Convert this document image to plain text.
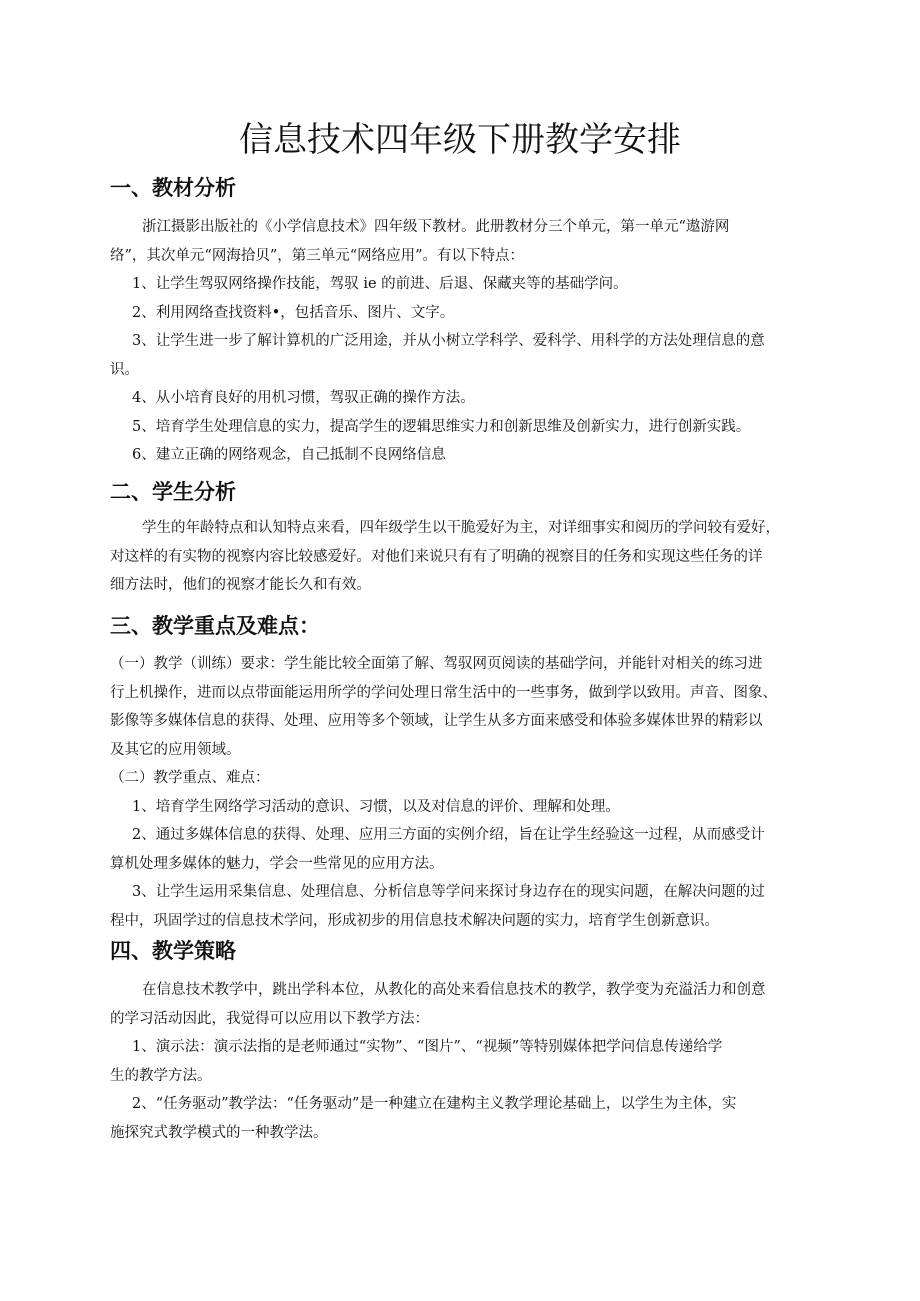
信息技术四年级下册教学安排
一、教材分析
浙江摄影出版社的《小学信息技术》四年级下教材。此册教材分三个单元，第一单元“遨游网
络”，其次单元“网海拾贝”，第三单元“网络应用”。有以下特点：
1、让学生驾驭网络操作技能，驾驭 ie 的前进、后退、保藏夹等的基础学问。
2、利用网络查找资料•，包括音乐、图片、文字。
3、让学生进一步了解计算机的广泛用途，并从小树立学科学、爱科学、用科学的方法处理信息的意
识。
4、从小培育良好的用机习惯，驾驭正确的操作方法。
5、培育学生处理信息的实力，提高学生的逻辑思维实力和创新思维及创新实力，进行创新实践。
6、建立正确的网络观念，自己抵制不良网络信息
二、学生分析
学生的年龄特点和认知特点来看，四年级学生以干脆爱好为主，对详细事实和阅历的学问较有爱好，
对这样的有实物的视察内容比较感爱好。对他们来说只有有了明确的视察目的任务和实现这些任务的详
细方法时，他们的视察才能长久和有效。
三、教学重点及难点：
（一）教学（训练）要求：学生能比较全面第了解、驾驭网页阅读的基础学问，并能针对相关的练习进
行上机操作，进而以点带面能运用所学的学问处理日常生活中的一些事务，做到学以致用。声音、图象、
影像等多媒体信息的获得、处理、应用等多个领域，让学生从多方面来感受和体验多媒体世界的精彩以
及其它的应用领域。
（二）教学重点、难点：
1、培育学生网络学习活动的意识、习惯，以及对信息的评价、理解和处理。
2、通过多媒体信息的获得、处理、应用三方面的实例介绍，旨在让学生经验这一过程，从而感受计
算机处理多媒体的魅力，学会一些常见的应用方法。
3、让学生运用采集信息、处理信息、分析信息等学问来探讨身边存在的现实问题，在解决问题的过
程中，巩固学过的信息技术学问，形成初步的用信息技术解决问题的实力，培育学生创新意识。
四、教学策略
在信息技术教学中，跳出学科本位，从教化的高处来看信息技术的教学，教学变为充溢活力和创意
的学习活动因此，我觉得可以应用以下教学方法：
1、演示法：演示法指的是老师通过“实物”、“图片”、“视频”等特别媒体把学问信息传递给学
生的教学方法。
2、“任务驱动”教学法：“任务驱动”是一种建立在建构主义教学理论基础上，以学生为主体，实
施探究式教学模式的一种教学法。
